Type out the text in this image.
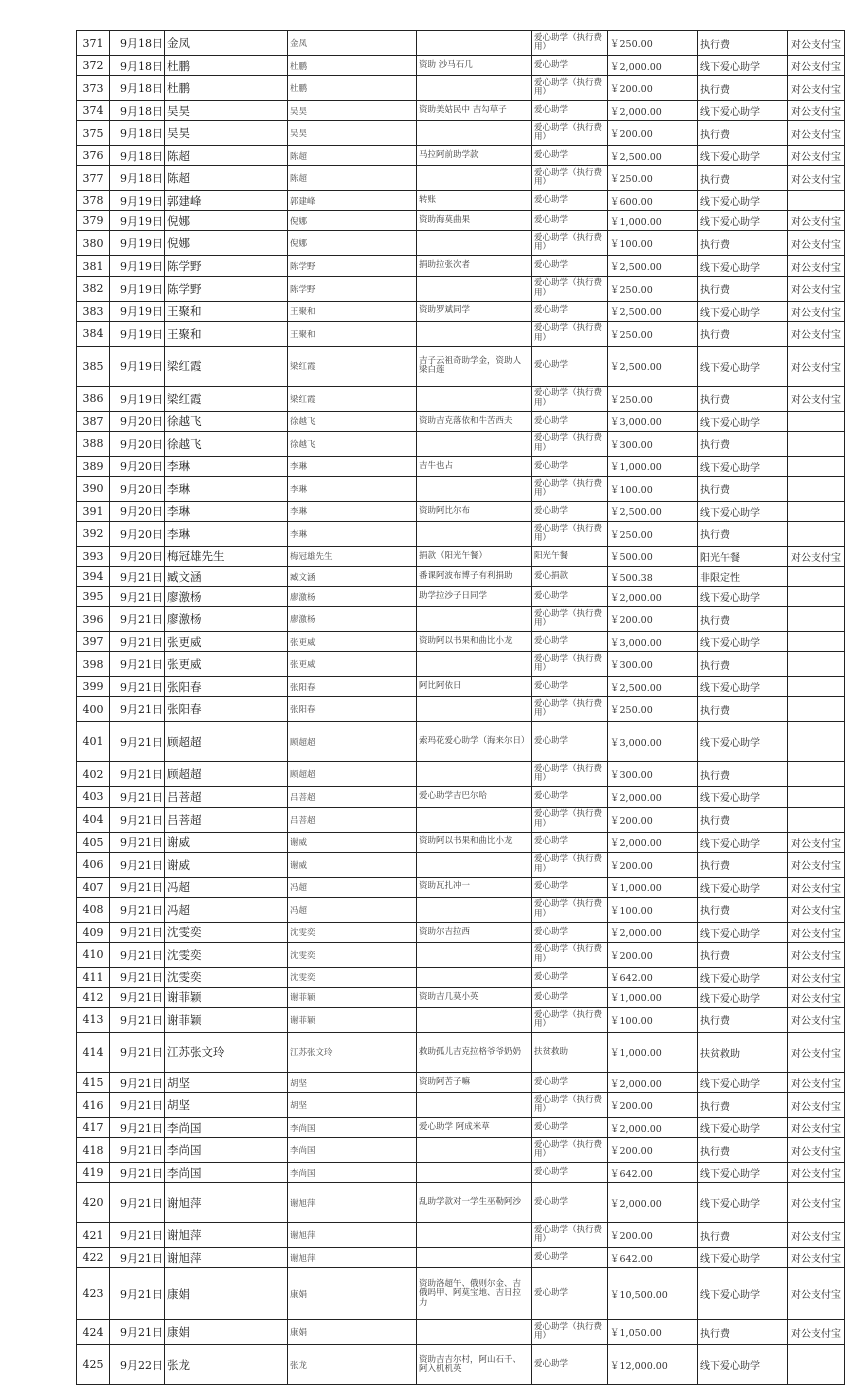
371	9月18日	金凤	金凤		爱心助学（执行费用）	￥250.00	执行费	对公支付宝
372	9月18日	杜鹏	杜鹏	资助 沙马石几	爱心助学	￥2,000.00	线下爱心助学	对公支付宝
373	9月18日	杜鹏	杜鹏		爱心助学（执行费用）	￥200.00	执行费	对公支付宝
374	9月18日	吴昊	吴昊	资助美姑民中 吉勾草子	爱心助学	￥2,000.00	线下爱心助学	对公支付宝
375	9月18日	吴昊	吴昊		爱心助学（执行费用）	￥200.00	执行费	对公支付宝
376	9月18日	陈超	陈超	马拉阿前助学款	爱心助学	￥2,500.00	线下爱心助学	对公支付宝
377	9月18日	陈超	陈超		爱心助学（执行费用）	￥250.00	执行费	对公支付宝
378	9月19日	郭建峰	郭建峰	转账	爱心助学	￥600.00	线下爱心助学	
379	9月19日	倪娜	倪娜	资助海莫曲果	爱心助学	￥1,000.00	线下爱心助学	对公支付宝
380	9月19日	倪娜	倪娜		爱心助学（执行费用）	￥100.00	执行费	对公支付宝
381	9月19日	陈学野	陈学野	捐助拉张次者	爱心助学	￥2,500.00	线下爱心助学	对公支付宝
382	9月19日	陈学野	陈学野		爱心助学（执行费用）	￥250.00	执行费	对公支付宝
383	9月19日	王聚和	王聚和	资助罗斌同学	爱心助学	￥2,500.00	线下爱心助学	对公支付宝
384	9月19日	王聚和	王聚和		爱心助学（执行费用）	￥250.00	执行费	对公支付宝
385	9月19日	梁红霞	梁红霞	吉子云祖奇助学金，资助人梁白莲	爱心助学	￥2,500.00	线下爱心助学	对公支付宝
386	9月19日	梁红霞	梁红霞		爱心助学（执行费用）	￥250.00	执行费	对公支付宝
387	9月20日	徐越飞	徐越飞	资助吉克落依和牛苦西夫	爱心助学	￥3,000.00	线下爱心助学	
388	9月20日	徐越飞	徐越飞		爱心助学（执行费用）	￥300.00	执行费	
389	9月20日	李琳	李琳	吉牛也占	爱心助学	￥1,000.00	线下爱心助学	
390	9月20日	李琳	李琳		爱心助学（执行费用）	￥100.00	执行费	
391	9月20日	李琳	李琳	资助阿比尔布	爱心助学	￥2,500.00	线下爱心助学	
392	9月20日	李琳	李琳		爱心助学（执行费用）	￥250.00	执行费	
393	9月20日	梅冠雄先生	梅冠雄先生	捐款（阳光午餐）	阳光午餐	￥500.00	阳光午餐	对公支付宝
394	9月21日	臧文涵	臧文涵	番课阿波布博子有利捐助	爱心捐款	￥500.38	非限定性	
395	9月21日	廖激杨	廖激杨	助学拉沙子日同学	爱心助学	￥2,000.00	线下爱心助学	
396	9月21日	廖激杨	廖激杨		爱心助学（执行费用）	￥200.00	执行费	
397	9月21日	张更威	张更威	资助阿以书果和曲比小龙	爱心助学	￥3,000.00	线下爱心助学	
398	9月21日	张更威	张更威		爱心助学（执行费用）	￥300.00	执行费	
399	9月21日	张阳春	张阳春	阿比阿依日	爱心助学	￥2,500.00	线下爱心助学	
400	9月21日	张阳春	张阳春		爱心助学（执行费用）	￥250.00	执行费	
401	9月21日	顾超超	顾超超	索玛花爱心助学（海来尔日）	爱心助学	￥3,000.00	线下爱心助学	
402	9月21日	顾超超	顾超超		爱心助学（执行费用）	￥300.00	执行费	
403	9月21日	吕菩超	吕菩超	爱心助学吉巴尔哈	爱心助学	￥2,000.00	线下爱心助学	
404	9月21日	吕菩超	吕菩超		爱心助学（执行费用）	￥200.00	执行费	
405	9月21日	谢威	谢威	资助阿以书果和曲比小龙	爱心助学	￥2,000.00	线下爱心助学	对公支付宝
406	9月21日	谢威	谢威		爱心助学（执行费用）	￥200.00	执行费	对公支付宝
407	9月21日	冯超	冯超	资助瓦扎冲一	爱心助学	￥1,000.00	线下爱心助学	对公支付宝
408	9月21日	冯超	冯超		爱心助学（执行费用）	￥100.00	执行费	对公支付宝
409	9月21日	沈雯奕	沈雯奕	资助尔吉拉西	爱心助学	￥2,000.00	线下爱心助学	对公支付宝
410	9月21日	沈雯奕	沈雯奕		爱心助学（执行费用）	￥200.00	执行费	对公支付宝
411	9月21日	沈雯奕	沈雯奕		爱心助学	￥642.00	线下爱心助学	对公支付宝
412	9月21日	谢菲颖	谢菲颖	资助吉几莫小英	爱心助学	￥1,000.00	线下爱心助学	对公支付宝
413	9月21日	谢菲颖	谢菲颖		爱心助学（执行费用）	￥100.00	执行费	对公支付宝
414	9月21日	江苏张文玲	江苏张文玲	救助孤儿吉克拉格爷爷奶奶	扶贫救助	￥1,000.00	扶贫救助	对公支付宝
415	9月21日	胡坚	胡坚	资助阿苦子嘛	爱心助学	￥2,000.00	线下爱心助学	对公支付宝
416	9月21日	胡坚	胡坚		爱心助学（执行费用）	￥200.00	执行费	对公支付宝
417	9月21日	李尚国	李尚国	爱心助学 阿成米草	爱心助学	￥2,000.00	线下爱心助学	对公支付宝
418	9月21日	李尚国	李尚国		爱心助学（执行费用）	￥200.00	执行费	对公支付宝
419	9月21日	李尚国	李尚国		爱心助学	￥642.00	线下爱心助学	对公支付宝
420	9月21日	谢旭萍	谢旭萍	乱助学款对一学生巫勒阿沙	爱心助学	￥2,000.00	线下爱心助学	对公支付宝
421	9月21日	谢旭萍	谢旭萍		爱心助学（执行费用）	￥200.00	执行费	对公支付宝
422	9月21日	谢旭萍	谢旭萍		爱心助学	￥642.00	线下爱心助学	对公支付宝
423	9月21日	康娟	康娟	资助洛超午、俄则尔金、吉俄吗甲、阿莫宝地、吉日拉力	爱心助学	￥10,500.00	线下爱心助学	对公支付宝
424	9月21日	康娟	康娟		爱心助学（执行费用）	￥1,050.00	执行费	对公支付宝
425	9月22日	张龙	张龙	资助吉吉尔村，阿山石千、阿入机机英	爱心助学	￥12,000.00	线下爱心助学	
